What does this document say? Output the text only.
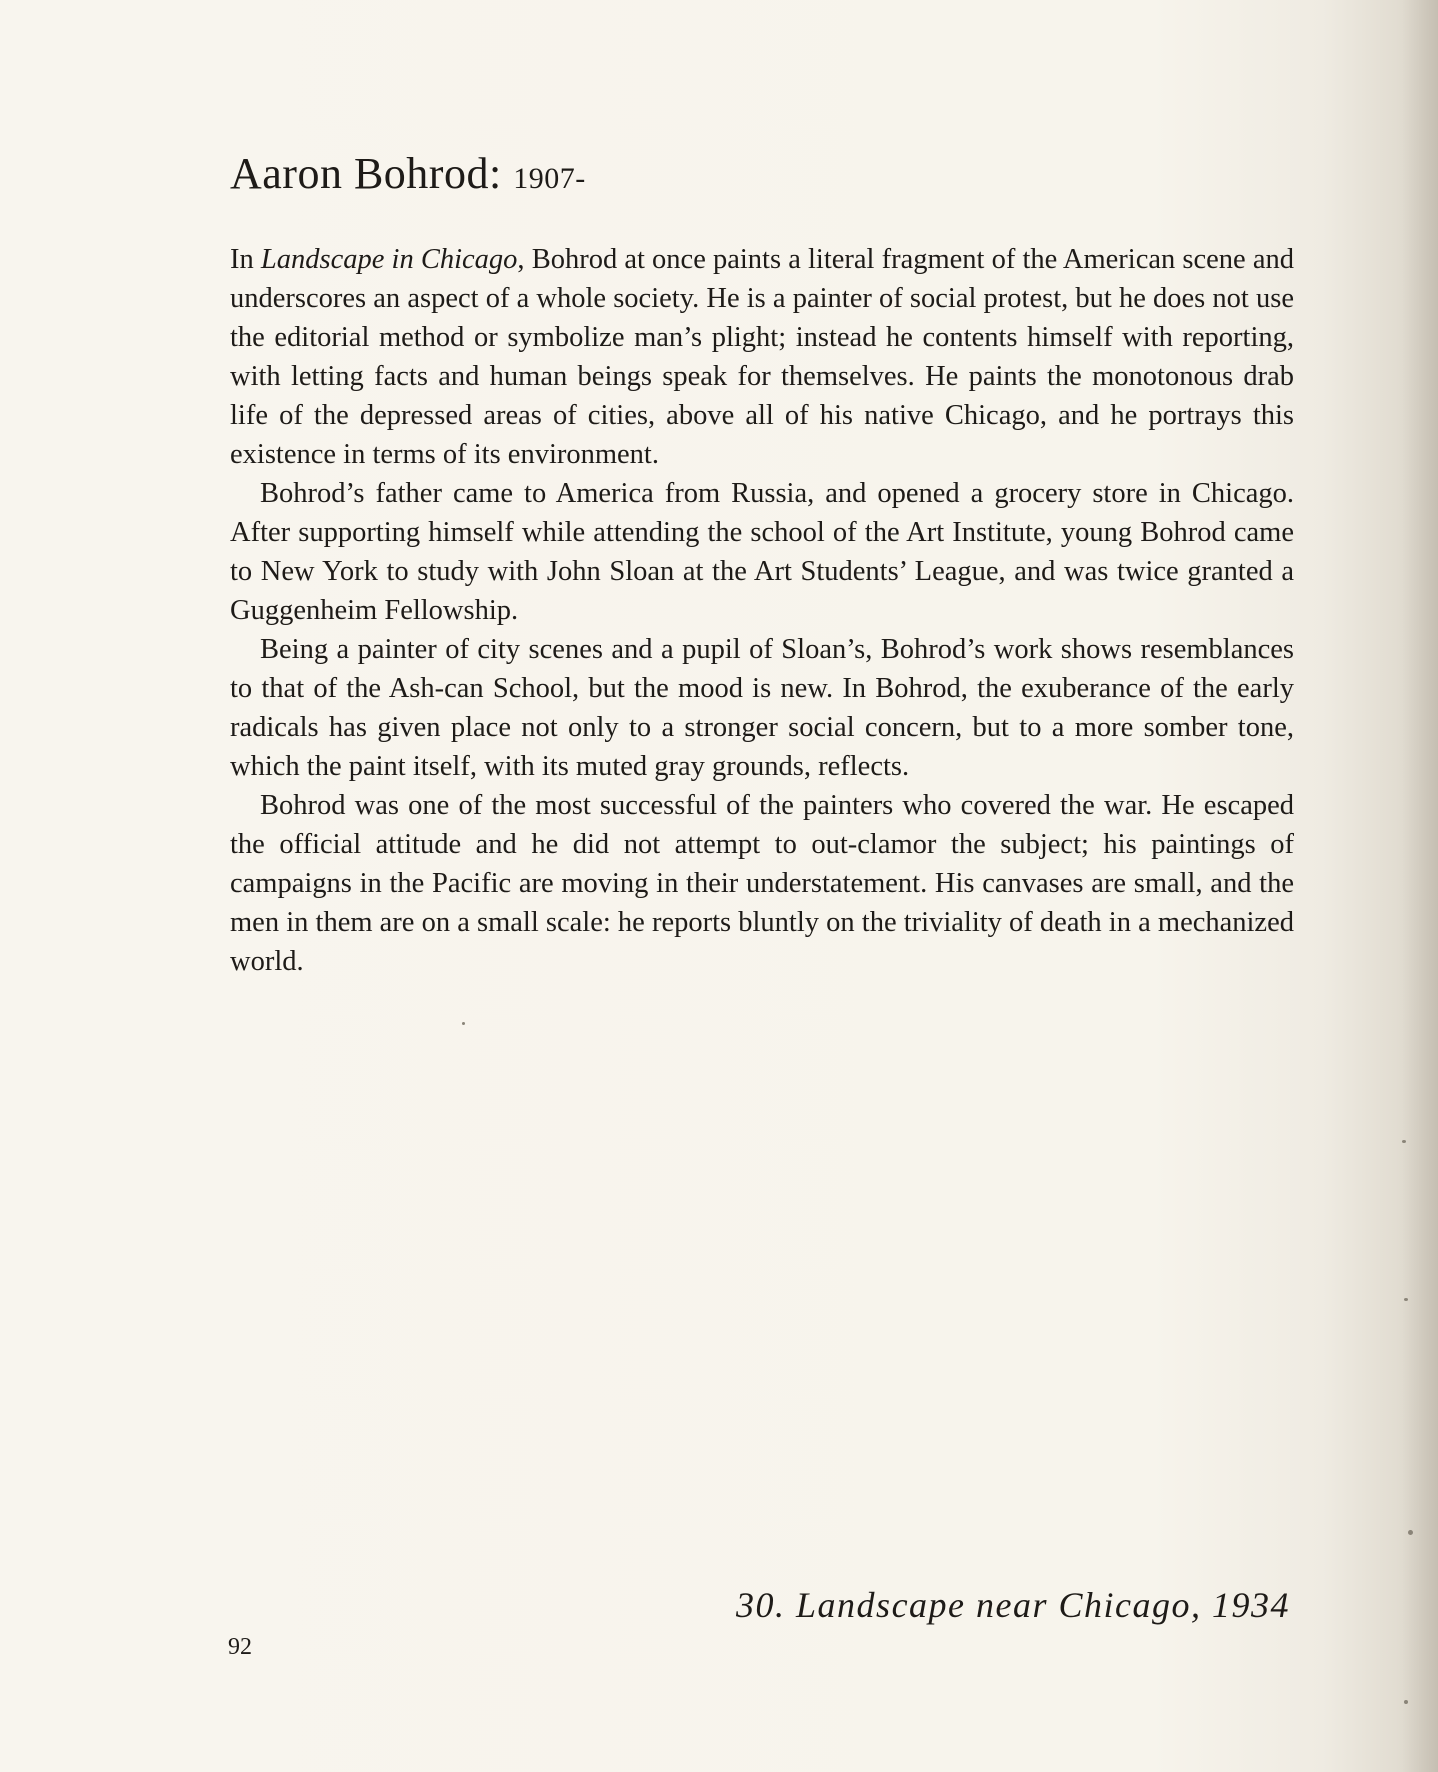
Aaron Bohrod: 1907-

In Landscape in Chicago, Bohrod at once paints a literal fragment of the American scene and underscores an aspect of a whole society. He is a painter of social protest, but he does not use the editorial method or symbolize man’s plight; instead he contents himself with reporting, with letting facts and human beings speak for themselves. He paints the monotonous drab life of the depressed areas of cities, above all of his native Chicago, and he portrays this existence in terms of its environment.

Bohrod’s father came to America from Russia, and opened a grocery store in Chicago. After supporting himself while attending the school of the Art Institute, young Bohrod came to New York to study with John Sloan at the Art Students’ League, and was twice granted a Guggenheim Fellowship.

Being a painter of city scenes and a pupil of Sloan’s, Bohrod’s work shows resemblances to that of the Ash-can School, but the mood is new. In Bohrod, the exuberance of the early radicals has given place not only to a stronger social concern, but to a more somber tone, which the paint itself, with its muted gray grounds, reflects.

Bohrod was one of the most successful of the painters who covered the war. He escaped the official attitude and he did not attempt to out-clamor the subject; his paintings of campaigns in the Pacific are moving in their understatement. His canvases are small, and the men in them are on a small scale: he reports bluntly on the triviality of death in a mechanized world.

30. Landscape near Chicago, 1934
92
